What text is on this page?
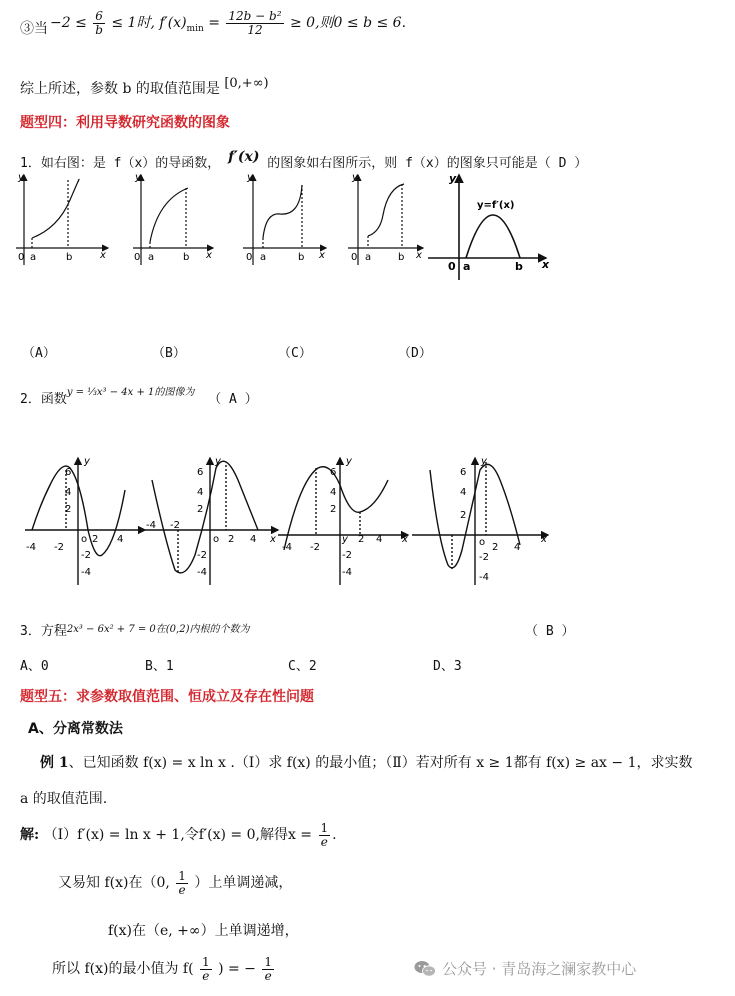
③当 $-2 \le \frac{6}{b} \le 1$时, $f'(x)_{min} = \frac{\text{12b − b²}}{12} \ge 0$,则0 ≤ b ≤ 6.
综上所述，参数 b 的取值范围是 [0,+∞)
题型四：利用导数研究函数的图象
1．如右图：是 f（x）的导函数， f′(x) 的图象如右图所示，则 f（x）的图象只可能是（ D ）
0 a	b
y
x	0 a	b
y
x	0 a	b
y
x	0 a	b
y
x
0 a	b
y
x
y=f′(x)
（A）	（B）	（C）	（D）
2．函数$^{y = \frac{1}{3}x^3 - 4x + 1的图像为}$ （ A ）
y
6
4
2
-4 -2
o 2 4
-2
-4
y
6
4
2
-4 -2
o 2 4
-2
-4
x
y
6
4
2
-4 -2
y 2 4
-2
-4
x
y
6
4
2
o 2 4
-2
-4
x
3．方程$^{2x^3 - 6x^2 + 7 = 0在(0,2)内根的个数为}$	（ B ）
A、0	B、1	C、2	D、3
题型五：求参数取值范围、恒成立及存在性问题
A、分离常数法
例 1、已知函数 f(x) = x ln x .（Ⅰ）求 f(x) 的最小值；（Ⅱ）若对所有 x ≥ 1都有 f(x) ≥ ax − 1，求实数
a 的取值范围.
解: （Ⅰ）f′(x) = ln x + 1,令f′(x) = 0,解得$x = \frac{1}{e}$ .
又易知 f(x)在（0, $\frac{1}{e}$ ）上单调递减，
f(x)在（e, +∞）上单调递增，
所以 f(x)的最小值为 $f( \frac{1}{e}$ ) = − $\frac{1}{e}$	公众号 · 青岛海之澜家教中心
